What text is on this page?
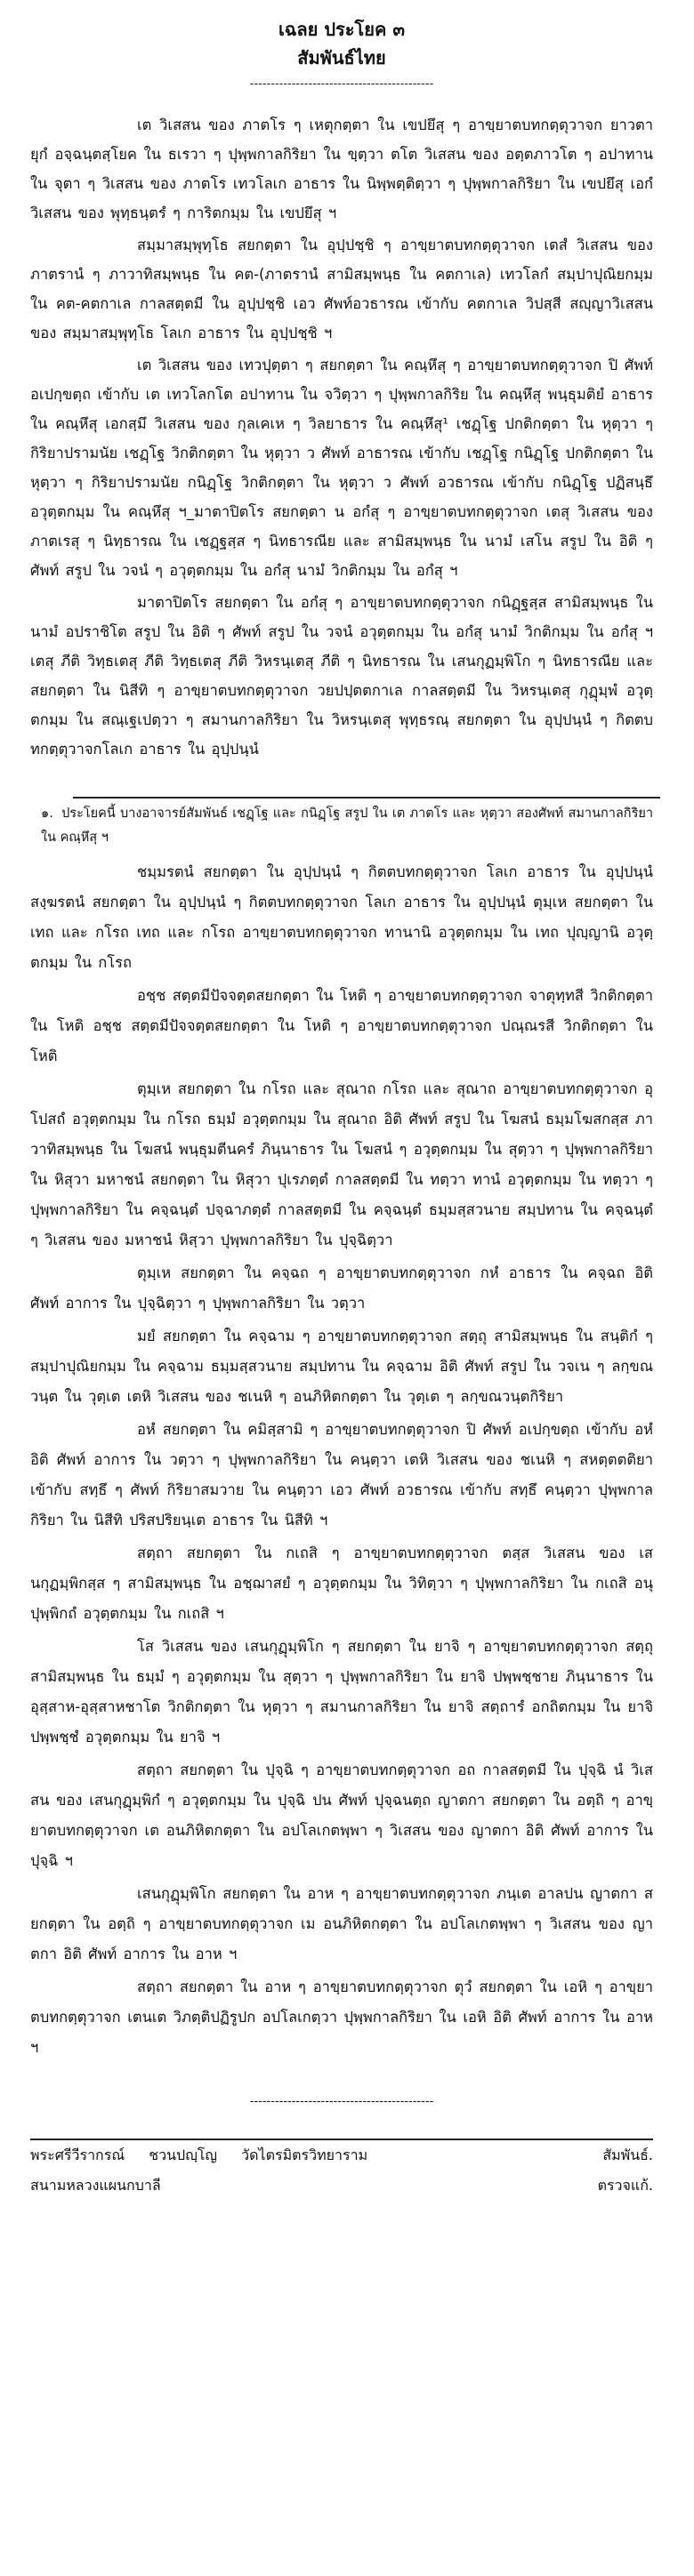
เฉลย ประโยค ๓
สัมพันธ์ไทย
--------------------------------------------

เต วิเสสน ของ ภาตโร ๆ เหตุกตฺตา ใน เขปยึสุ ๆ อาขฺยาตบทกตฺตุวาจก ยาวตายุกํ อจฺฉนฺตสฺโยค ใน ธเรวา ๆ ปุพฺพกาลกิริยา ใน ขฺตฺวา ตโต วิเสสน ของ อตฺตภาวโต ๆ อปาทาน ใน จุตา ๆ วิเสสน ของ ภาตโร เทวโลเก อาธาร ใน นิพฺพตฺติตฺวา ๆ ปุพฺพกาลกิริยา ใน เขปยึสุ เอกํ วิเสสน ของ พุทฺธนฺตรํ ๆ การิตกมฺม ใน เขปยึสุ ฯ

สมฺมาสมฺพุทฺโธ สยกตฺตา ใน อุปฺปชฺชิ ๆ อาขฺยาตบทกตฺตุวาจก เตสํ วิเสสน ของ ภาตรานํ ๆ ภาวาทิสมฺพนฺธ ใน คต-(ภาตรานํ สามิสมฺพนฺธ ใน คตกาเล) เทวโลกํ สมฺปาปุณิยกมฺม ใน คต-คตกาเล กาลสตฺตมี ใน อุปฺปชฺชิ เอว ศัพท์อวธารณ เข้ากับ คตกาเล วิปสฺสี สญฺญาวิเสสน ของ สมฺมาสมฺพุทฺโธ โลเก อาธาร ใน อุปฺปชฺชิ ฯ

เต วิเสสน ของ เทวปุตฺตา ๆ สยกตฺตา ใน คณฺหึสุ ๆ อาขฺยาตบทกตฺตุวาจก ปิ ศัพท์ อเปกฺขตฺถ เข้ากับ เต เทวโลกโต อปาทาน ใน จวิตฺวา ๆ ปุพฺพกาลกิริย ใน คณฺหึสุ พนฺธุมติยํ อาธาร ใน คณฺหึสุ เอกสฺมึ วิเสสน ของ กุลเคเห ๆ วิลยาธาร ใน คณฺหึสุ¹ เชฏฺโฐ ปกติกตฺตา ใน หุตฺวา ๆ กิริยาปรามนัย เชฏฺโฐ วิกติกตฺตา ใน หุตฺวา ว ศัพท์ อาธารณ เข้ากับ เชฏฺโฐ กนิฏฺโฐ ปกติกตฺตา ใน หุตฺวา ๆ กิริยาปรามนัย กนิฏฺโฐ วิกติกตฺตา ใน หุตฺวา ว ศัพท์ อวธารณ เข้ากับ กนิฏฺโฐ ปฏิสนฺธึ อวุตฺตกมฺม ใน คณฺหึสุ ฯ_มาตาปิตโร สยกตฺตา น อกํสุ ๆ อาขฺยาตบทกตฺตุวาจก เตสุ วิเสสน ของ ภาตเรสุ ๆ นิทฺธารณ ใน เชฏฺฐสฺส ๆ นิทธารณีย และ สามิสมฺพนฺธ ใน นามํ เสโน สรูป ใน อิติ ๆ ศัพท์ สรูป ใน วจนํ ๆ อวุตฺตกมฺม ใน อกํสุ นามํ วิกติกมฺม ใน อกํสุ ฯ

มาตาปิตโร สยกตฺตา ใน อกํสุ ๆ อาขฺยาตบทกตฺตุวาจก กนิฏฺฐสฺส สามิสมฺพนฺธ ใน นามํ อปราชิโต สรูป ใน อิติ ๆ ศัพท์ สรูป ใน วจนํ อวุตฺตกมฺม ใน อกํสุ นามํ วิกติกมฺม ใน อกํสุ ฯ เตสุ ภีติ วิทฺธเตสุ ภีติ วิทฺธเตสุ ภีติ วิหรนฺเตสุ ภีติ ๆ นิทธารณ ใน เสนกุฏมฺพิโก ๆ นิทธารณีย และ สยกตฺตา ใน นิสีทิ ๆ อาขฺยาตบทกตฺตุวาจก วยปปฺตตกาเล กาลสตฺตมี ใน วิหรนฺเตสุ กุฏุมฺพํ อวุตฺตกมฺม ใน สณฺเฐเปตฺวา ๆ สมานกาลกิริยา ใน วิหรนฺเตสุ พุทฺธรณฺ สยกตฺตา ใน อุปฺปนฺนํ ๆ กิตตบทกตฺตุวาจกโลเก อาธาร ใน อุปฺปนฺนํ

๑. ประโยคนี้ บางอาจารย์สัมพันธ์ เชฏฺโฐ และ กนิฏฺโฐ สรูป ใน เต ภาตโร และ หุตฺวา สองศัพท์ สมานกาลกิริยา ใน คณฺหึสุ ฯ

ชมฺมรตนํ สยกตฺตา ใน อุปฺปนฺนํ ๆ กิตตบทกตฺตุวาจก โลเก อาธาร ใน อุปฺปนฺนํ สงฺฆรตนํ สยกตฺตา ใน อุปฺปนฺนํ ๆ กิตตบทกตฺตุวาจก โลเก อาธาร ใน อุปฺปนฺนํ ตุมฺเห สยกตฺตา ใน เทถ และ กโรถ เทถ และ กโรถ อาขฺยาตบทกตฺตุวาจก ทานานิ อวุตฺตกมฺม ใน เทถ ปุญฺญานิ อวุตฺตกมฺม ใน กโรถ

อชฺช สตฺตมีปัจจตฺตสยกตฺตา ใน โหติ ๆ อาขฺยาตบทกตฺตุวาจก จาตุทฺทสี วิกติกตฺตา ใน โหติ อชฺช สตฺตมีปัจจตฺตสยกตฺตา ใน โหติ ๆ อาขฺยาตบทกตฺตุวาจก ปณฺณรสี วิกติกตฺตา ใน โหติ

ตุมฺเห สยกตฺตา ใน กโรถ และ สุณาถ กโรถ และ สุณาถ อาขฺยาตบทกตฺตุวาจก อุโปสถํ อวุตฺตกมฺม ใน กโรถ ธมฺมํ อวุตฺตกมฺม ใน สุณาถ อิติ ศัพท์ สรูป ใน โฆสนํ ธมฺมโฆสกสฺส ภาวาทิสมฺพนฺธ ใน โฆสนํ พนฺธุมตีนครํ ภินฺนาธาร ใน โฆสนํ ๆ อวุตฺตกมฺม ใน สุตฺวา ๆ ปุพฺพกาลกิริยา ใน หิสุวา มหาชนํ สยกตฺตา ใน หิสุวา ปุเรภตฺตํ กาลสตฺตมี ใน ทตฺวา ทานํ อวุตฺตกมฺม ใน ทตฺวา ๆ ปุพฺพกาลกิริยา ใน คจฺฉนฺตํ ปจฺฉาภตฺตํ กาลสตฺตมี ใน คจฺฉนฺตํ ธมฺมสฺสวนาย สมฺปทาน ใน คจฺฉนฺตํ ๆ วิเสสน ของ มหาชนํ หิสฺวา ปุพฺพกาลกิริยา ใน ปุจฺฉิตฺวา

ตุมฺเห สยกตฺตา ใน คจฺฉถ ๆ อาขฺยาตบทกตฺตุวาจก กหํ อาธาร ใน คจฺฉถ อิติ ศัพท์ อาการ ใน ปุจฺฉิตฺวา ๆ ปุพฺพกาลกิริยา ใน วตฺวา

มยํ สยกตฺตา ใน คจฺฉาม ๆ อาขฺยาตบทกตฺตุวาจก สตฺถุ สามิสมฺพนฺธ ใน สนฺติกํ ๆ สมฺปาปุณิยกมฺม ใน คจฺฉาม ธมฺมสฺสวนาย สมฺปทาน ใน คจฺฉาม อิติ ศัพท์ สรูป ใน วจเน ๆ ลกฺขณวนฺต ใน วุตฺเต เตหิ วิเสสน ของ ชเนหิ ๆ อนภิหิตกตฺตา ใน วุตฺเต ๆ ลกฺขณวนฺตกิริยา

อหํ สยกตฺตา ใน คมิสฺสามิ ๆ อาขฺยาตบทกตฺตุวาจก ปิ ศัพท์ อเปกฺขตฺถ เข้ากับ อหํ อิติ ศัพท์ อาการ ใน วตฺวา ๆ ปุพฺพกาลกิริยา ใน คนฺตฺวา เตหิ วิเสสน ของ ชเนหิ ๆ สหตฺตตติยา เข้ากับ สทฺธึ ๆ ศัพท์ กิริยาสมวาย ใน คนฺตฺวา เอว ศัพท์ อวธารณ เข้ากับ สทฺธึ คนฺตฺวา ปุพฺพกาลกิริยา ใน นิสีทิ ปริสปริยนฺเต อาธาร ใน นิสีทิ ฯ

สตฺถา สยกตฺตา ใน กเถสิ ๆ อาขฺยาตบทกตฺตุวาจก ตสฺส วิเสสน ของ เสนกุฏมฺพิกสฺส ๆ สามิสมฺพนฺธ ใน อชฺฌาสยํ ๆ อวุตฺตกมฺม ใน วิทิตฺวา ๆ ปุพฺพกาลกิริยา ใน กเถสิ อนุปุพฺพิกถํ อวุตฺตกมฺม ใน กเถสิ ฯ

โส วิเสสน ของ เสนกุฏุมฺพิโก ๆ สยกตฺตา ใน ยาจิ ๆ อาขฺยาตบทกตฺตุวาจก สตฺถุ สามิสมฺพนฺธ ใน ธมฺมํ ๆ อวุตฺตกมฺม ใน สุตฺวา ๆ ปุพฺพกาลกิริยา ใน ยาจิ ปพฺพชฺชาย ภินฺนาธาร ใน อุสฺสาห-อุสฺสาหชาโต วิกติกตฺตา ใน หุตฺวา ๆ สมานกาลกิริยา ใน ยาจิ สตฺถารํ อกถิตกมฺม ใน ยาจิ ปพฺพชฺชํ อวุตฺตกมฺม ใน ยาจิ ฯ

สตฺถา สยกตฺตา ใน ปุจฺฉิ ๆ อาขฺยาตบทกตฺตุวาจก อถ กาลสตฺตมี ใน ปุจฺฉิ นํ วิเสสน ของ เสนกุฏุมฺพิกํ ๆ อวุตฺตกมฺม ใน ปุจฺฉิ ปน ศัพท์ ปุจฺฉนตฺถ ญาตกา สยกตฺตา ใน อตฺถิ ๆ อาขฺยาตบทกตฺตุวาจก เต อนภิหิตกตฺตา ใน อปโลเกตพฺพา ๆ วิเสสน ของ ญาตกา อิติ ศัพท์ อาการ ใน ปุจฺฉิ ฯ

เสนกุฏุมฺพิโก สยกตฺตา ใน อาห ๆ อาขฺยาตบทกตฺตุวาจก ภนฺเต อาลปน ญาตกา สยกตฺตา ใน อตฺถิ ๆ อาขฺยาตบทกตฺตุวาจก เม อนภิหิตกตฺตา ใน อปโลเกตพฺพา ๆ วิเสสน ของ ญาตกา อิติ ศัพท์ อาการ ใน อาห ฯ

สตฺถา สยกตฺตา ใน อาห ๆ อาขฺยาตบทกตฺตุวาจก ตุวํ สยกตฺตา ใน เอหิ ๆ อาขฺยาตบทกตฺตุวาจก เตนเต วิภตฺติปฏิรูปก อปโลเกตฺวา ปุพฺพกาลกิริยา ใน เอหิ อิติ ศัพท์ อาการ ใน อาห ฯ

--------------------------------------------
พระศรีวีรากรณ์ ชวนปญฺโญ วัดไตรมิตรวิทยาราม	สัมพันธ์.
สนามหลวงแผนกบาลี	ตรวจแก้.
